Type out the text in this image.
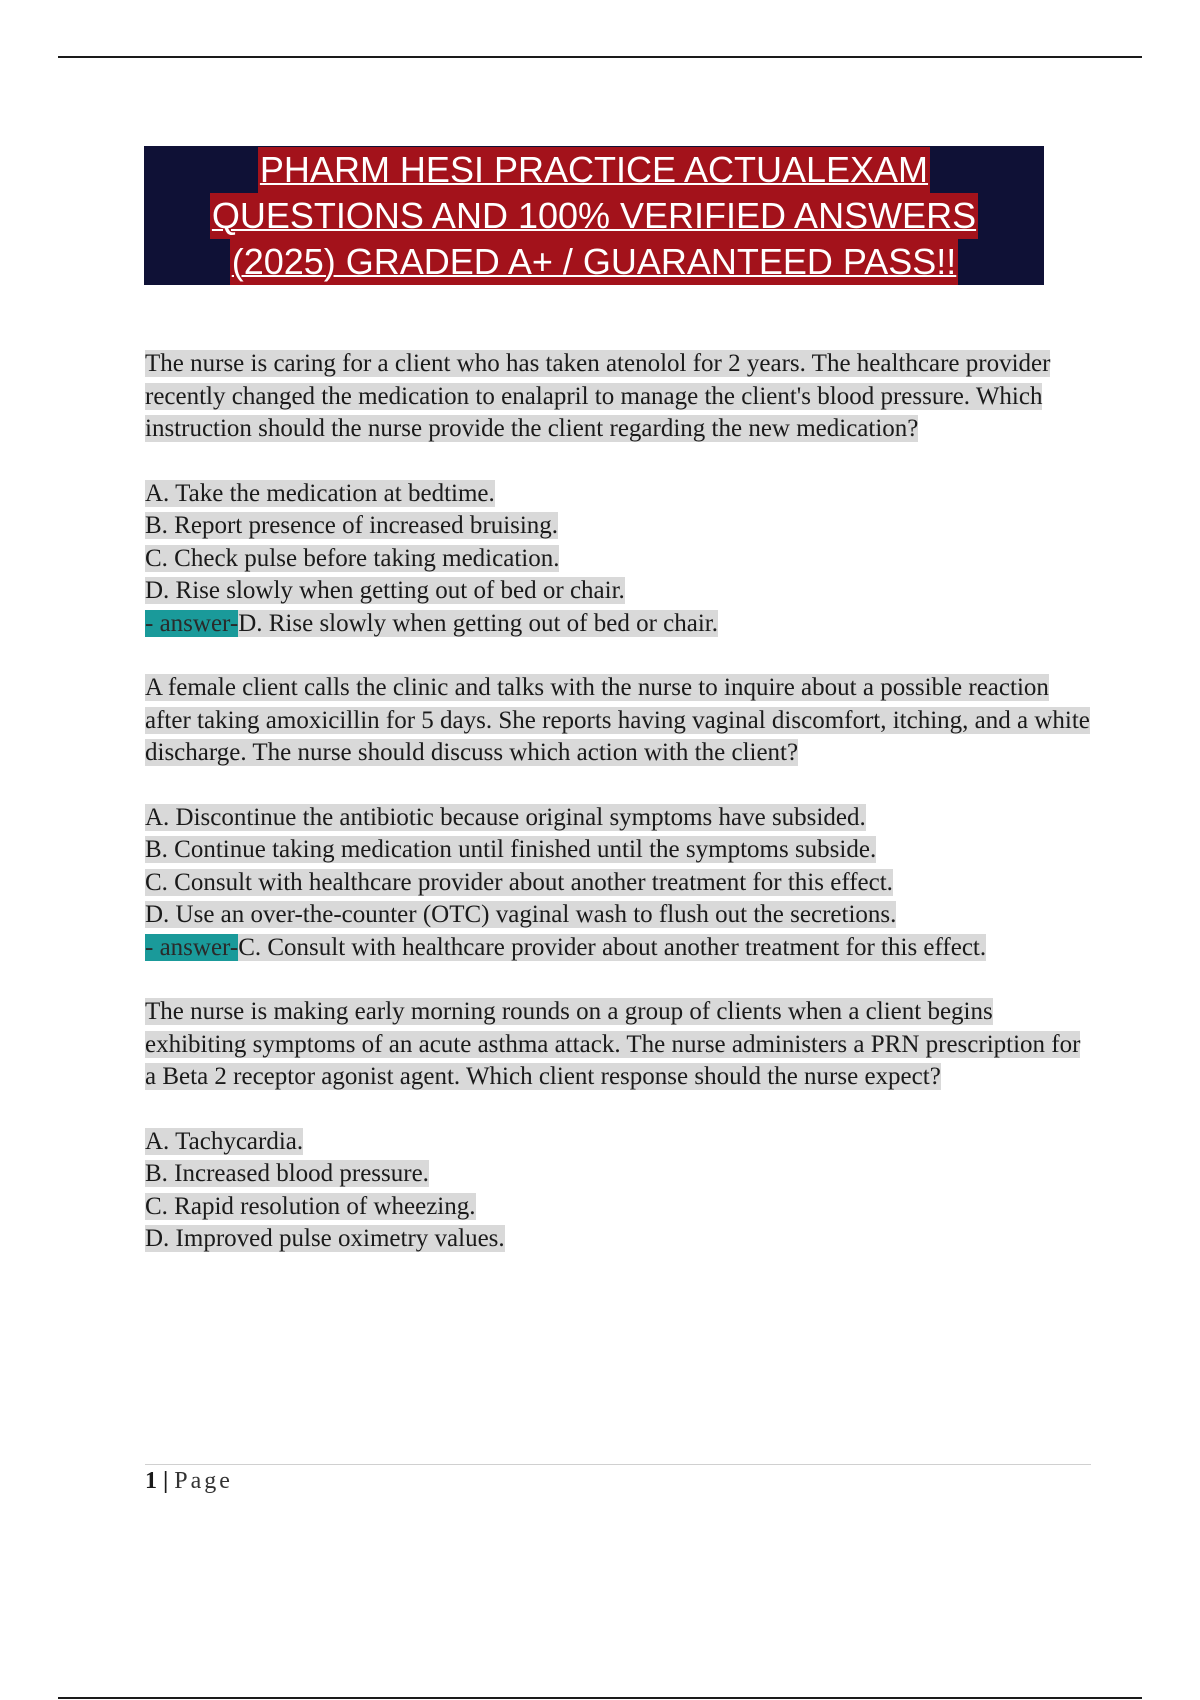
PHARM HESI PRACTICE ACTUALEXAM
QUESTIONS AND 100% VERIFIED ANSWERS
(2025) GRADED A+ / GUARANTEED PASS!!

The nurse is caring for a client who has taken atenolol for 2 years. The healthcare provider recently changed the medication to enalapril to manage the client's blood pressure. Which instruction should the nurse provide the client regarding the new medication?

A. Take the medication at bedtime.
B. Report presence of increased bruising.
C. Check pulse before taking medication.
D. Rise slowly when getting out of bed or chair.
- answer-D. Rise slowly when getting out of bed or chair.

A female client calls the clinic and talks with the nurse to inquire about a possible reaction after taking amoxicillin for 5 days. She reports having vaginal discomfort, itching, and a white discharge. The nurse should discuss which action with the client?

A. Discontinue the antibiotic because original symptoms have subsided.
B. Continue taking medication until finished until the symptoms subside.
C. Consult with healthcare provider about another treatment for this effect.
D. Use an over-the-counter (OTC) vaginal wash to flush out the secretions.
- answer-C. Consult with healthcare provider about another treatment for this effect.

The nurse is making early morning rounds on a group of clients when a client begins exhibiting symptoms of an acute asthma attack. The nurse administers a PRN prescription for a Beta 2 receptor agonist agent. Which client response should the nurse expect?

A. Tachycardia.
B. Increased blood pressure.
C. Rapid resolution of wheezing.
D. Improved pulse oximetry values.

1 | Page
